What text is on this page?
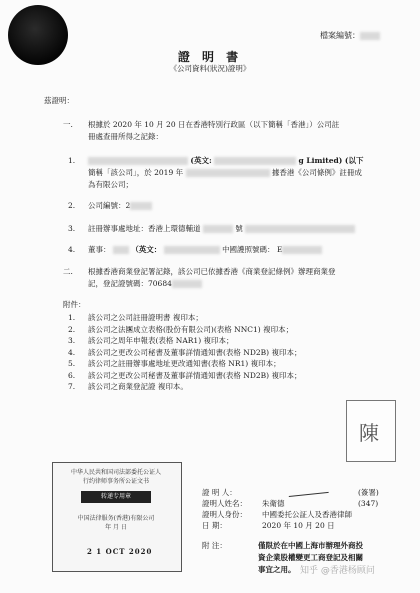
檔案編號：
證 明 書
《公司資料(狀況)證明》
茲證明：
一. 根據於 2020 年 10 月 20 日在香港特別行政區（以下簡稱「香港」）公司註
冊處查冊所得之記錄：
1.	(英文:	g Limited) (以下
簡稱「該公司」，於 2019 年	據香港《公司條例》註冊成
為有限公司；
2. 公司編號：2
3. 註冊辦事處地址：香港上環德輔道	號
4. 董事：	（英文：	中國護照號碼： E
二. 根據香港商業登記署記錄，該公司已依據香港《商業登記條例》辦理商業登
記，登記證號碼：70684
附件：
1. 該公司之公司註冊證明書 複印本；
2. 該公司之法團成立表格(股份有限公司)(表格 NNC1) 複印本；
3. 該公司之周年申報表(表格 NAR1) 複印本；
4. 該公司之更改公司秘書及董事詳情通知書(表格 ND2B) 複印本；
5. 該公司之註冊辦事處地址更改通知書(表格 NR1) 複印本；
6. 該公司之更改公司秘書及董事詳情通知書(表格 ND2B) 複印本；
7. 該公司之商業登記證 複印本。
中华人民共和国司法部委托公证人
行约律师事务所公证文书
转递专用章
中国法律服务(香港)有限公司
年 月 日
2 1 OCT 2020
陳
證 明 人：	(簽署)
證明人姓名： 朱衛德	(347)
證明人身份： 中國委托公証人及香港律師
日 期：	2020 年 10 月 20 日
附 注：	僅限於在中國上海市辦理外商投
資企業股權變更工商登記及相關
事宜之用。 知乎 @香港杨顾问
